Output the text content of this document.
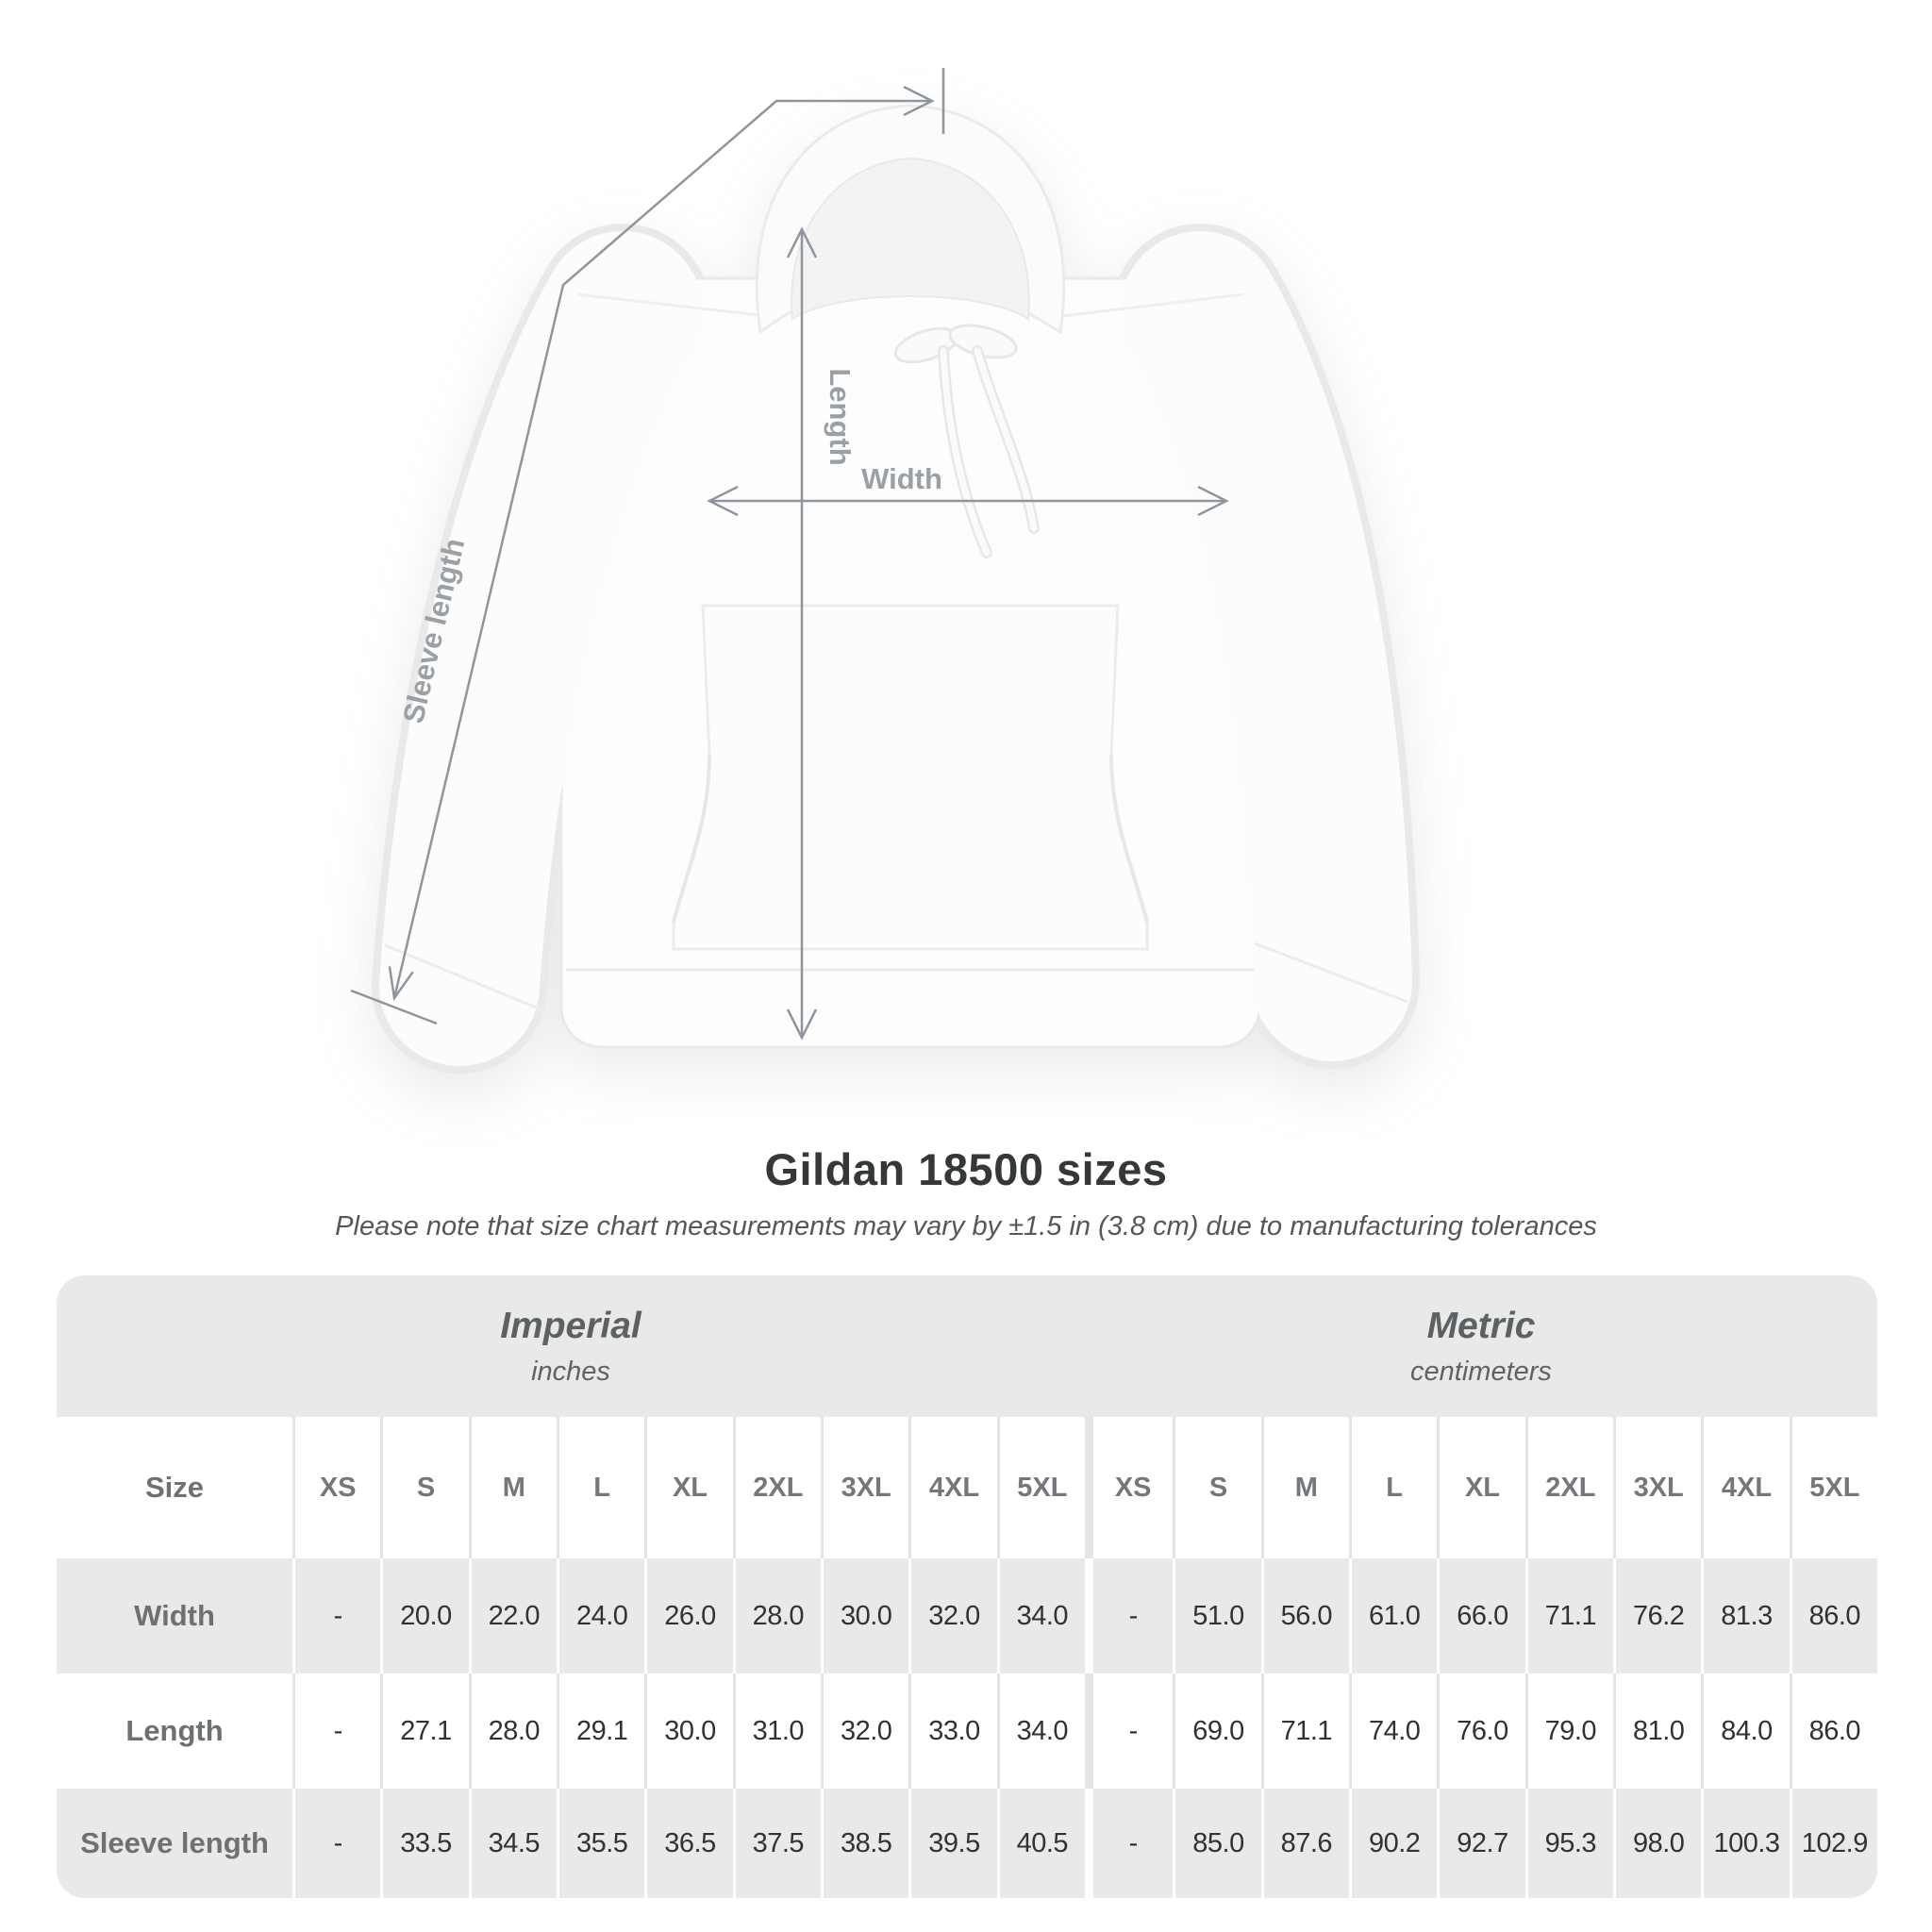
Sleeve length
Length
Width
Gildan 18500 sizes
Please note that size chart measurements may vary by ±1.5 in (3.8 cm) due to manufacturing tolerances
Imperial
inches
Metric
centimeters
Size	XS	S	M	L	XL	2XL	3XL	4XL	5XL	XS	S	M	L	XL	2XL	3XL	4XL	5XL
Width	-	20.0	22.0	24.0	26.0	28.0	30.0	32.0	34.0	-	51.0	56.0	61.0	66.0	71.1	76.2	81.3	86.0
Length	-	27.1	28.0	29.1	30.0	31.0	32.0	33.0	34.0	-	69.0	71.1	74.0	76.0	79.0	81.0	84.0	86.0
Sleeve length	-	33.5	34.5	35.5	36.5	37.5	38.5	39.5	40.5	-	85.0	87.6	90.2	92.7	95.3	98.0	100.3 102.9
